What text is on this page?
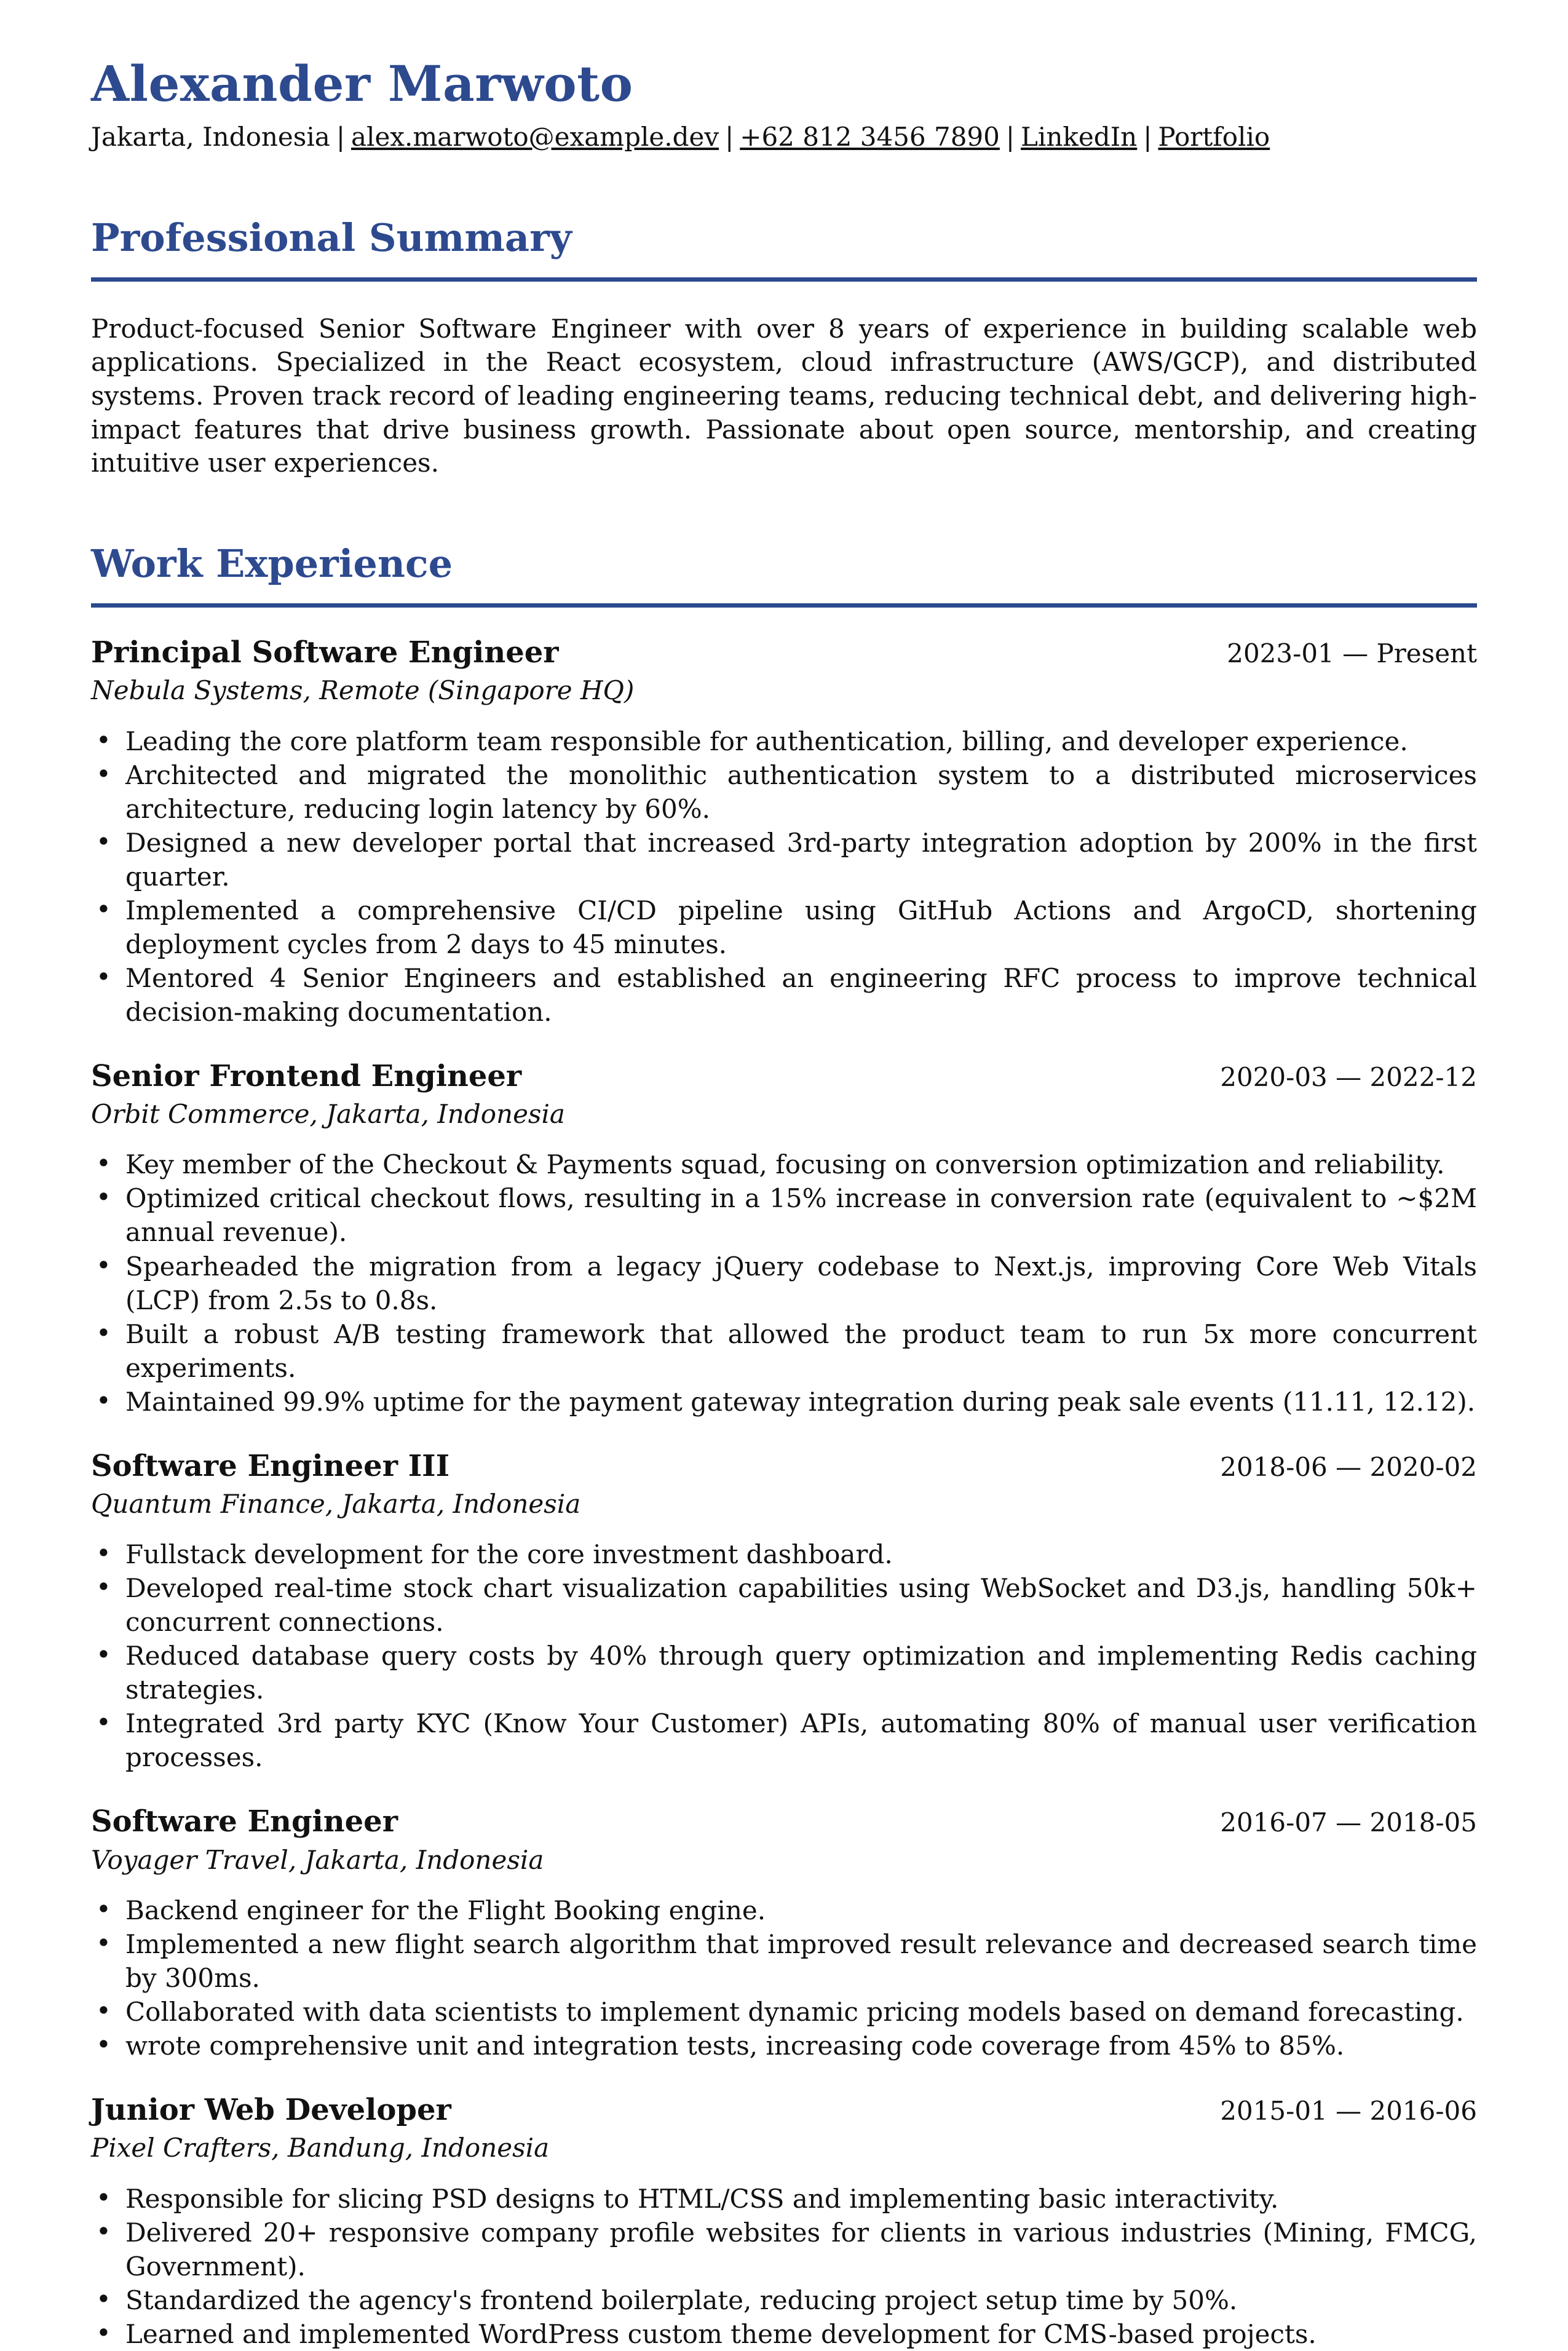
Alexander Marwoto
Jakarta, Indonesia | alex.marwoto@example.dev | +62 812 3456 7890 | LinkedIn | Portfolio
Professional Summary

Product-focused Senior Software Engineer with over 8 years of experience in building scalable web applications. Specialized in the React ecosystem, cloud infrastructure (AWS/GCP), and distributed systems. Proven track record of leading engineering teams, reducing technical debt, and delivering high-impact features that drive business growth. Passionate about open source, mentorship, and creating intuitive user experiences.

Work Experience
Principal Software Engineer	2023-01 — Present
Nebula Systems, Remote (Singapore HQ)
• Leading the core platform team responsible for authentication, billing, and developer experience.
• Architected and migrated the monolithic authentication system to a distributed microservices architecture, reducing login latency by 60%.
• Designed a new developer portal that increased 3rd-party integration adoption by 200% in the first quarter.
• Implemented a comprehensive CI/CD pipeline using GitHub Actions and ArgoCD, shortening deployment cycles from 2 days to 45 minutes.
• Mentored 4 Senior Engineers and established an engineering RFC process to improve technical decision-making documentation.
Senior Frontend Engineer	2020-03 — 2022-12
Orbit Commerce, Jakarta, Indonesia
• Key member of the Checkout & Payments squad, focusing on conversion optimization and reliability.
• Optimized critical checkout flows, resulting in a 15% increase in conversion rate (equivalent to ~$2M annual revenue).
• Spearheaded the migration from a legacy jQuery codebase to Next.js, improving Core Web Vitals (LCP) from 2.5s to 0.8s.
• Built a robust A/B testing framework that allowed the product team to run 5x more concurrent experiments.
• Maintained 99.9% uptime for the payment gateway integration during peak sale events (11.11, 12.12).
Software Engineer III	2018-06 — 2020-02
Quantum Finance, Jakarta, Indonesia
• Fullstack development for the core investment dashboard.
• Developed real-time stock chart visualization capabilities using WebSocket and D3.js, handling 50k+ concurrent connections.
• Reduced database query costs by 40% through query optimization and implementing Redis caching strategies.
• Integrated 3rd party KYC (Know Your Customer) APIs, automating 80% of manual user verification processes.
Software Engineer	2016-07 — 2018-05
Voyager Travel, Jakarta, Indonesia
• Backend engineer for the Flight Booking engine.
• Implemented a new flight search algorithm that improved result relevance and decreased search time by 300ms.
• Collaborated with data scientists to implement dynamic pricing models based on demand forecasting.
• wrote comprehensive unit and integration tests, increasing code coverage from 45% to 85%.
Junior Web Developer	2015-01 — 2016-06
Pixel Crafters, Bandung, Indonesia
• Responsible for slicing PSD designs to HTML/CSS and implementing basic interactivity.
• Delivered 20+ responsive company profile websites for clients in various industries (Mining, FMCG, Government).
• Standardized the agency's frontend boilerplate, reducing project setup time by 50%.
• Learned and implemented WordPress custom theme development for CMS-based projects.
